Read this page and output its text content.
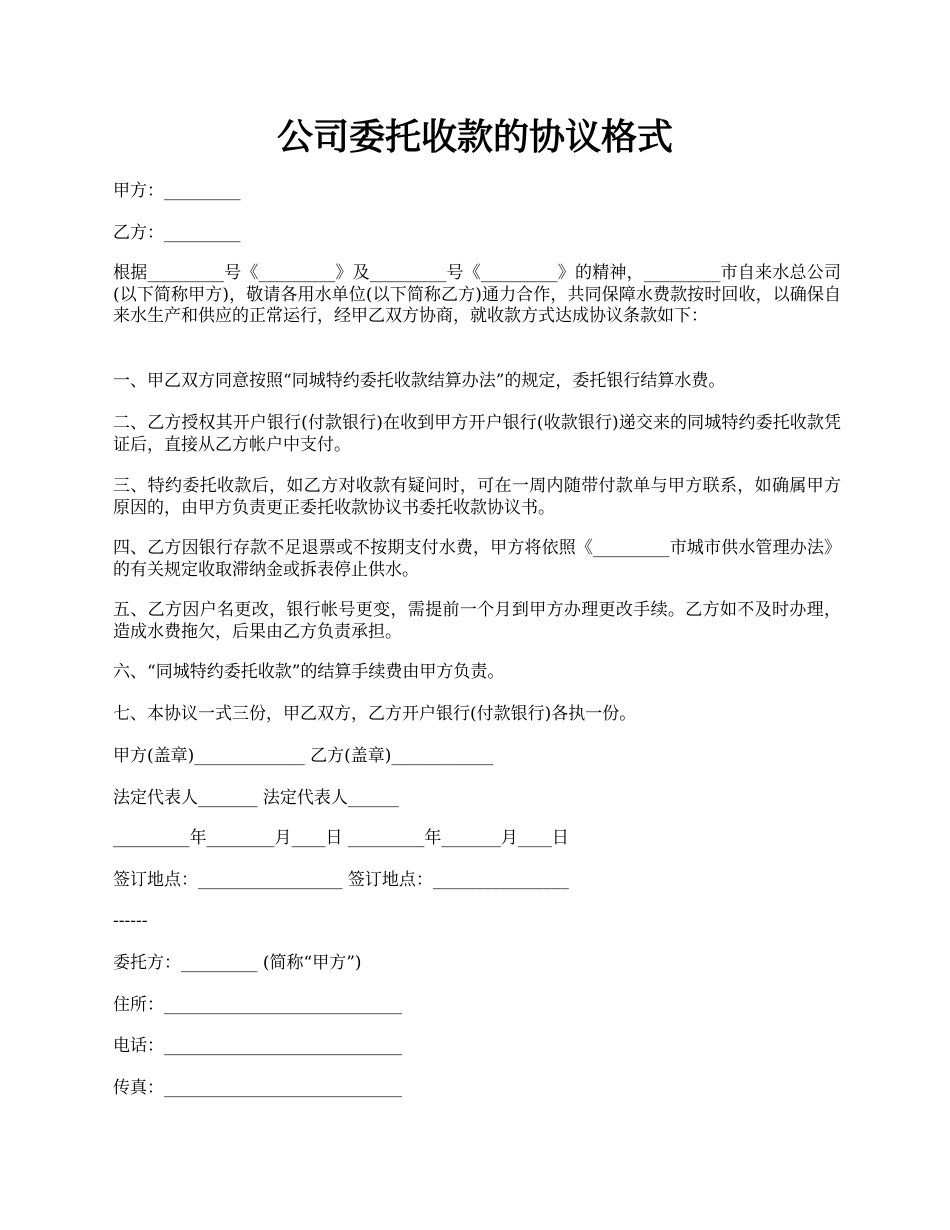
公司委托收款的协议格式
甲方：_________
乙方：_________
根据_________号《_________》及_________号《_________》的精神，_________市自来水总公司(以下简称甲方)，敬请各用水单位(以下简称乙方)通力合作，共同保障水费款按时回收，以确保自来水生产和供应的正常运行，经甲乙双方协商，就收款方式达成协议条款如下：
一、甲乙双方同意按照“同城特约委托收款结算办法”的规定，委托银行结算水费。
二、乙方授权其开户银行(付款银行)在收到甲方开户银行(收款银行)递交来的同城特约委托收款凭证后，直接从乙方帐户中支付。
三、特约委托收款后，如乙方对收款有疑问时，可在一周内随带付款单与甲方联系，如确属甲方原因的，由甲方负责更正委托收款协议书委托收款协议书。
四、乙方因银行存款不足退票或不按期支付水费，甲方将依照《_________市城市供水管理办法》的有关规定收取滞纳金或拆表停止供水。
五、乙方因户名更改，银行帐号更变，需提前一个月到甲方办理更改手续。乙方如不及时办理，造成水费拖欠，后果由乙方负责承担。
六、“同城特约委托收款”的结算手续费由甲方负责。
七、本协议一式三份，甲乙双方，乙方开户银行(付款银行)各执一份。
甲方(盖章)_____________ 乙方(盖章)____________
法定代表人_______ 法定代表人______
_________年________月____日 _________年_______月____日
签订地点：_________________ 签订地点：________________
------
委托方：_________ (简称“甲方”)
住所：____________________________
电话：____________________________
传真：____________________________
